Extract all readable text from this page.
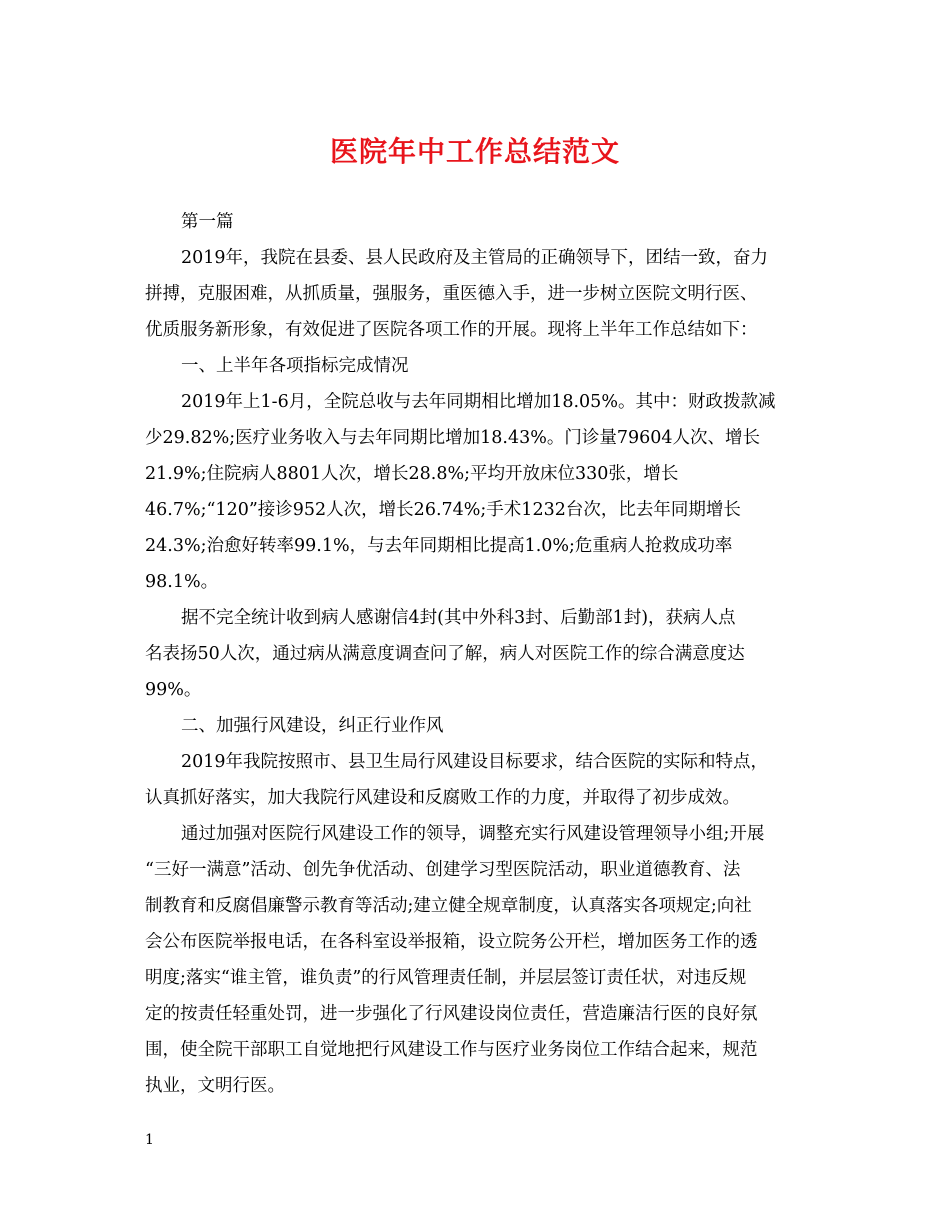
医院年中工作总结范文
第一篇
2019年，我院在县委、县人民政府及主管局的正确领导下，团结一致，奋力
拼搏，克服困难，从抓质量，强服务，重医德入手，进一步树立医院文明行医、
优质服务新形象，有效促进了医院各项工作的开展。现将上半年工作总结如下：
一、上半年各项指标完成情况
2019年上1-6月，全院总收与去年同期相比增加18.05%。其中：财政拨款减
少29.82%;医疗业务收入与去年同期比增加18.43%。门诊量79604人次、增长
21.9%;住院病人8801人次，增长28.8%;平均开放床位330张，增长
46.7%;“120”接诊952人次，增长26.74%;手术1232台次，比去年同期增长
24.3%;治愈好转率99.1%，与去年同期相比提高1.0%;危重病人抢救成功率
98.1%。
据不完全统计收到病人感谢信4封(其中外科3封、后勤部1封)，获病人点
名表扬50人次，通过病从满意度调查问了解，病人对医院工作的综合满意度达
99%。
二、加强行风建设，纠正行业作风
2019年我院按照市、县卫生局行风建设目标要求，结合医院的实际和特点，
认真抓好落实，加大我院行风建设和反腐败工作的力度，并取得了初步成效。
通过加强对医院行风建设工作的领导，调整充实行风建设管理领导小组;开展
“三好一满意”活动、创先争优活动、创建学习型医院活动，职业道德教育、法
制教育和反腐倡廉警示教育等活动;建立健全规章制度，认真落实各项规定;向社
会公布医院举报电话，在各科室设举报箱，设立院务公开栏，增加医务工作的透
明度;落实“谁主管，谁负责”的行风管理责任制，并层层签订责任状，对违反规
定的按责任轻重处罚，进一步强化了行风建设岗位责任，营造廉洁行医的良好氛
围，使全院干部职工自觉地把行风建设工作与医疗业务岗位工作结合起来，规范
执业，文明行医。
1
